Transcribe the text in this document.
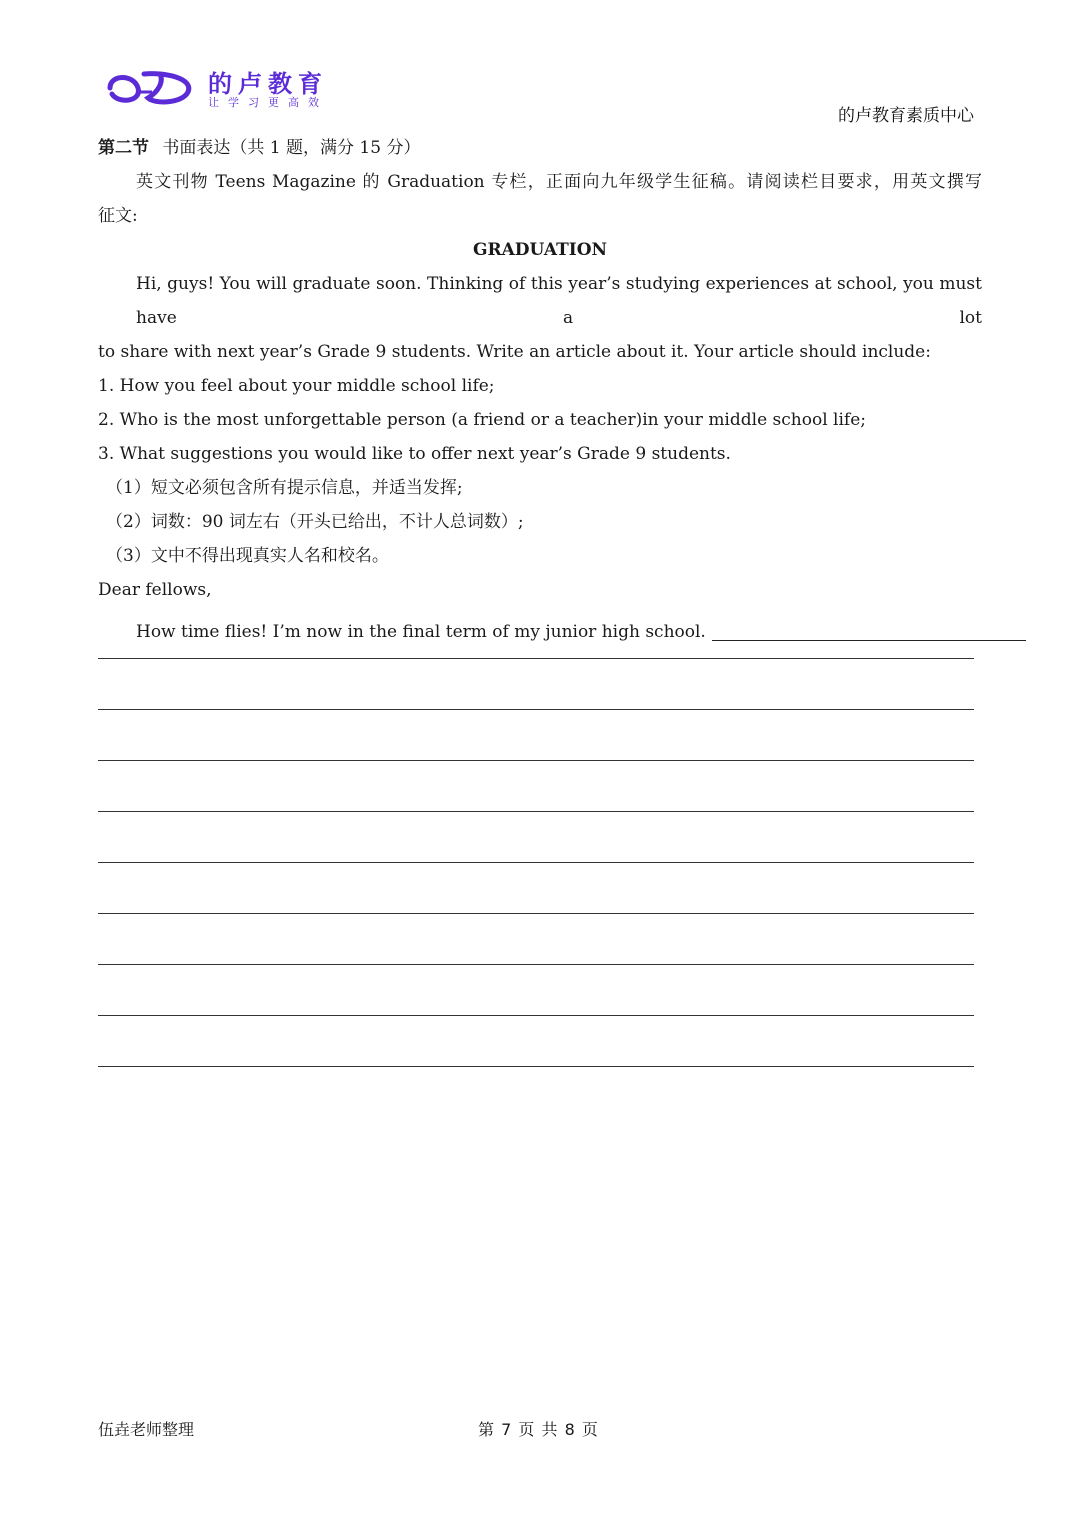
的卢教育
让学习更高效
的卢教育素质中心
第二节 书面表达（共 1 题，满分 15 分）
英文刊物 Teens Magazine 的 Graduation 专栏，正面向九年级学生征稿。请阅读栏目要求，用英文撰写
征文:
GRADUATION
Hi, guys! You will graduate soon. Thinking of this year’s studying experiences at school, you must have a lot
to share with next year’s Grade 9 students. Write an article about it. Your article should include:
1. How you feel about your middle school life;
2. Who is the most unforgettable person (a friend or a teacher)in your middle school life;
3. What suggestions you would like to offer next year’s Grade 9 students.
（1）短文必须包含所有提示信息，并适当发挥;
（2）词数：90 词左右（开头已给出，不计人总词数）;
（3）文中不得出现真实人名和校名。
Dear fellows,
How time flies! I’m now in the final term of my junior high school.
伍垚老师整理	第 7 页 共 8 页
